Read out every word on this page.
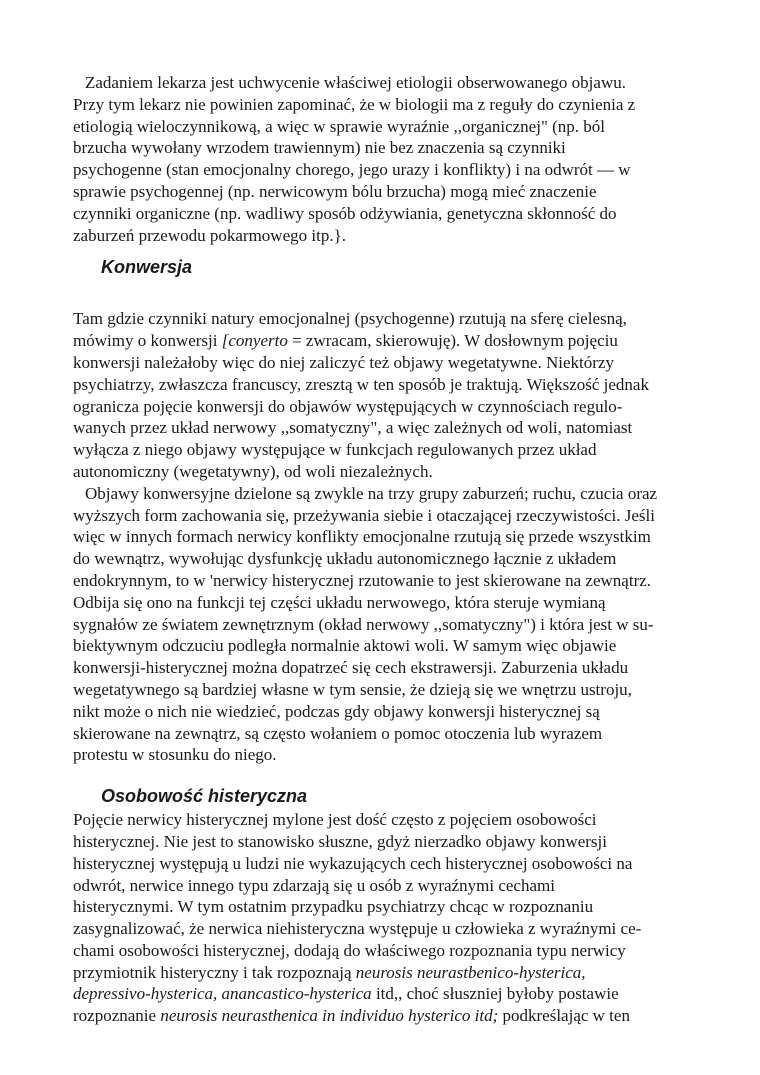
Zadaniem lekarza jest uchwycenie właściwej etiologii obserwowanego objawu.
Przy tym lekarz nie powinien zapominać, że w biologii ma z reguły do czynienia z
etiologią wieloczynnikową, a więc w sprawie wyraźnie ,,organicznej" (np. ból
brzucha wywołany wrzodem trawiennym) nie bez znaczenia są czynniki
psychogenne (stan emocjonalny chorego, jego urazy i konflikty) i na odwrót — w
sprawie psychogennej (np. nerwicowym bólu brzucha) mogą mieć znaczenie
czynniki organiczne (np. wadliwy sposób odżywiania, genetyczna skłonność do
zaburzeń przewodu pokarmowego itp.}.
Konwersja
Tam gdzie czynniki natury emocjonalnej (psychogenne) rzutują na sferę cielesną,
mówimy o konwersji [conyerto = zwracam, skierowuję). W dosłownym pojęciu
konwersji należałoby więc do niej zaliczyć też objawy wegetatywne. Niektórzy
psychiatrzy, zwłaszcza francuscy, zresztą w ten sposób je traktują. Większość jednak
ogranicza pojęcie konwersji do objawów występujących w czynnościach regulo-
wanych przez układ nerwowy ,,somatyczny", a więc zależnych od woli, natomiast
wyłącza z niego objawy występujące w funkcjach regulowanych przez układ
autonomiczny (wegetatywny), od woli niezależnych.
Objawy konwersyjne dzielone są zwykle na trzy grupy zaburzeń; ruchu, czucia oraz
wyższych form zachowania się, przeżywania siebie i otaczającej rzeczywistości. Jeśli
więc w innych formach nerwicy konflikty emocjonalne rzutują się przede wszystkim
do wewnątrz, wywołując dysfunkcję układu autonomicznego łącznie z układem
endokrynnym, to w 'nerwicy histerycznej rzutowanie to jest skierowane na zewnątrz.
Odbija się ono na funkcji tej części układu nerwowego, która steruje wymianą
sygnałów ze światem zewnętrznym (okład nerwowy ,,somatyczny") i która jest w su-
biektywnym odczuciu podległa normalnie aktowi woli. W samym więc objawie
konwersji-histerycznej można dopatrzeć się cech ekstrawersji. Zaburzenia układu
wegetatywnego są bardziej własne w tym sensie, że dzieją się we wnętrzu ustroju,
nikt może o nich nie wiedzieć, podczas gdy objawy konwersji histerycznej są
skierowane na zewnątrz, są często wołaniem o pomoc otoczenia lub wyrazem
protestu w stosunku do niego.
Osobowość histeryczna
Pojęcie nerwicy histerycznej mylone jest dość często z pojęciem osobowości
histerycznej. Nie jest to stanowisko słuszne, gdyż nierzadko objawy konwersji
histerycznej występują u ludzi nie wykazujących cech histerycznej osobowości na
odwrót, nerwice innego typu zdarzają się u osób z wyraźnymi cechami
histerycznymi. W tym ostatnim przypadku psychiatrzy chcąc w rozpoznaniu
zasygnalizować, że nerwica niehisteryczna występuje u człowieka z wyraźnymi ce-
chami osobowości histerycznej, dodają do właściwego rozpoznania typu nerwicy
przymiotnik histeryczny i tak rozpoznają neurosis neurastbenico-hysterica,
depressivo-hysterica, anancastico-hysterica itd,, choć słuszniej byłoby postawie
rozpoznanie neurosis neurasthenica in individuo hysterico itd; podkreślając w ten
